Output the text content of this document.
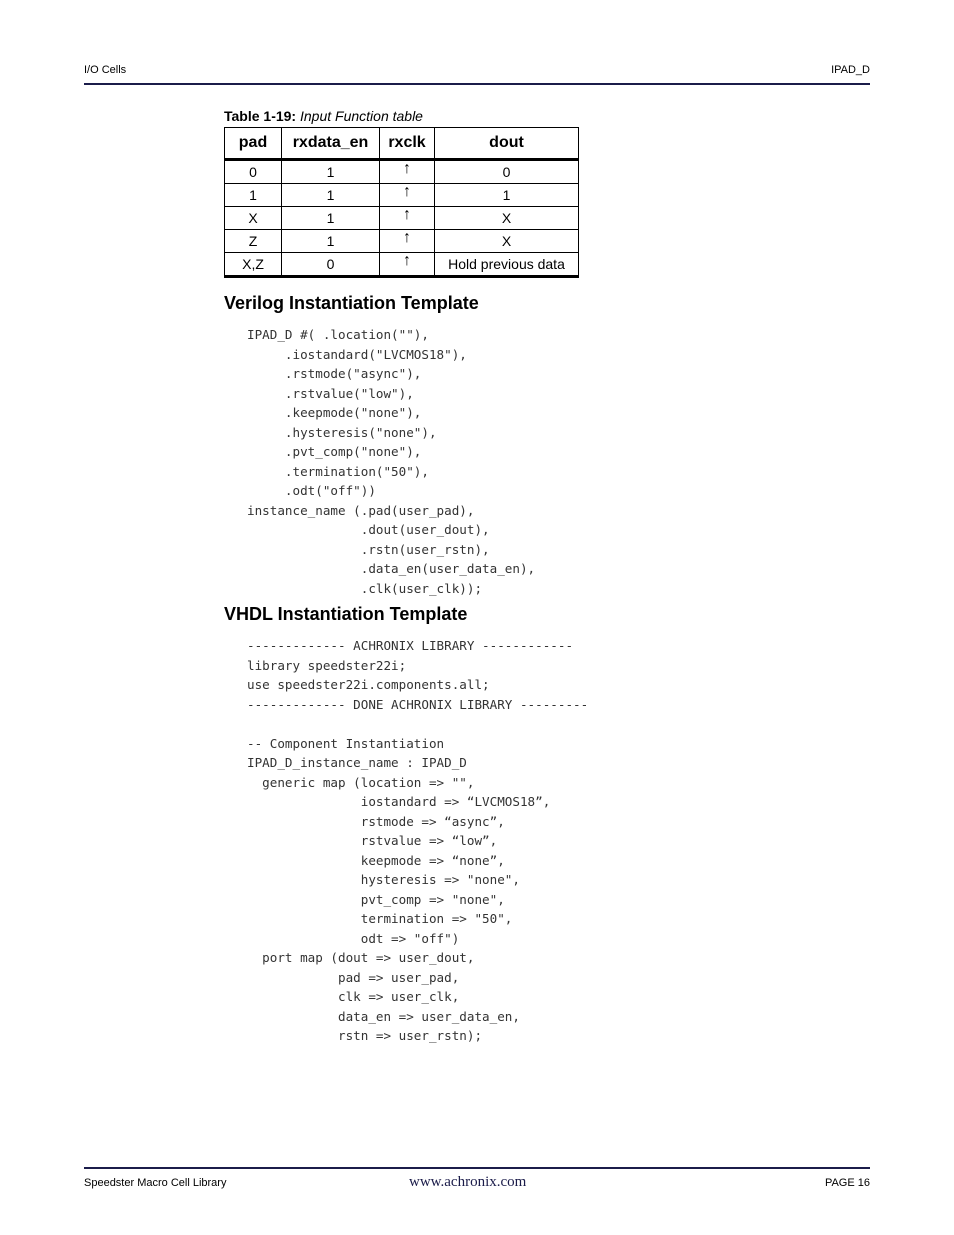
I/O Cells	IPAD_D
Table 1-19: Input Function table
pad	rxdata_en	rxclk	dout
0	1	↑	0
1	1	↑	1
X	1	↑	X
Z	1	↑	X
X,Z	0	↑	Hold previous data
Verilog Instantiation Template
IPAD_D #( .location(""),
.iostandard("LVCMOS18"),
.rstmode("async"),
.rstvalue("low"),
.keepmode("none"),
.hysteresis("none"),
.pvt_comp("none"),
.termination("50"),
.odt("off"))
instance_name (.pad(user_pad),
.dout(user_dout),
.rstn(user_rstn),
.data_en(user_data_en),
.clk(user_clk));
VHDL Instantiation Template
------------- ACHRONIX LIBRARY ------------
library speedster22i;
use speedster22i.components.all;
------------- DONE ACHRONIX LIBRARY ---------

-- Component Instantiation
IPAD_D_instance_name : IPAD_D
generic map (location => "",
iostandard => “LVCMOS18”,
rstmode => “async”,
rstvalue => “low”,
keepmode => “none”,
hysteresis => "none",
pvt_comp => "none",
termination => "50",
odt => "off")
port map (dout => user_dout,
pad => user_pad,
clk => user_clk,
data_en => user_data_en,
rstn => user_rstn);
Speedster Macro Cell Library	www.achronix.com	PAGE 16
